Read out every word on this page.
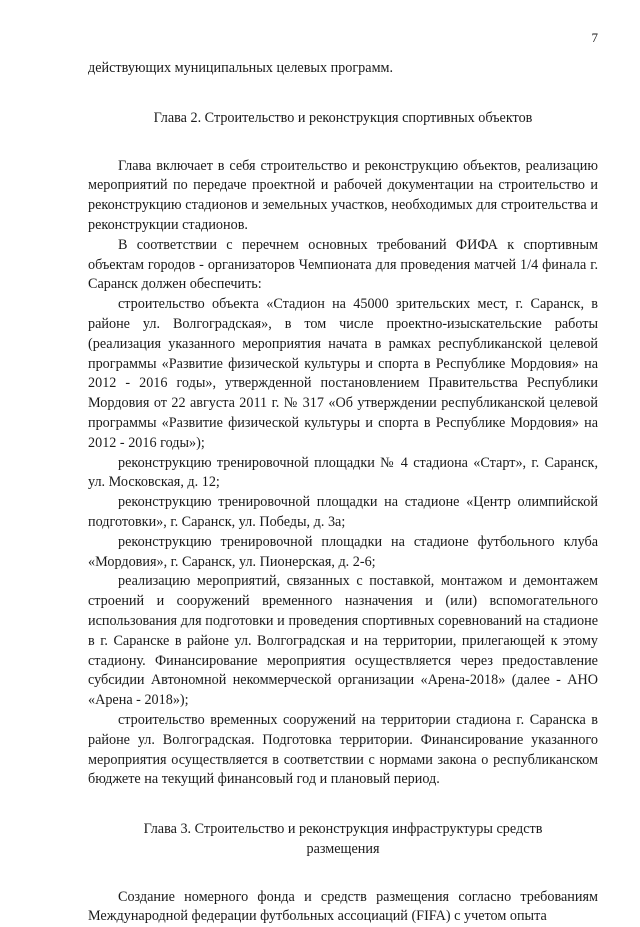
7

действующих муниципальных целевых программ.

Глава 2. Строительство и реконструкция спортивных объектов

Глава включает в себя строительство и реконструкцию объектов, реализацию мероприятий по передаче проектной и рабочей документации на строительство и реконструкцию стадионов и земельных участков, необходимых для строительства и реконструкции стадионов.

В соответствии с перечнем основных требований ФИФА к спортивным объектам городов - организаторов Чемпионата для проведения матчей 1/4 финала г. Саранск должен обеспечить:

строительство объекта «Стадион на 45000 зрительских мест, г. Саранск, в районе ул. Волгоградская», в том числе проектно-изыскательские работы (реализация указанного мероприятия начата в рамках республиканской целевой программы «Развитие физической культуры и спорта в Республике Мордовия» на 2012 - 2016 годы», утвержденной постановлением Правительства Республики Мордовия от 22 августа 2011 г. № 317 «Об утверждении республиканской целевой программы «Развитие физической культуры и спорта в Республике Мордовия» на 2012 - 2016 годы»);

реконструкцию тренировочной площадки № 4 стадиона «Старт», г. Саранск, ул. Московская, д. 12;

реконструкцию тренировочной площадки на стадионе «Центр олимпийской подготовки», г. Саранск, ул. Победы, д. 3а;

реконструкцию тренировочной площадки на стадионе футбольного клуба «Мордовия», г. Саранск, ул. Пионерская, д. 2-6;

реализацию мероприятий, связанных с поставкой, монтажом и демонтажем строений и сооружений временного назначения и (или) вспомогательного использования для подготовки и проведения спортивных соревнований на стадионе в г. Саранске в районе ул. Волгоградская и на территории, прилегающей к этому стадиону. Финансирование мероприятия осуществляется через предоставление субсидии Автономной некоммерческой организации «Арена-2018» (далее - АНО «Арена - 2018»);

строительство временных сооружений на территории стадиона г. Саранска в районе ул. Волгоградская. Подготовка территории. Финансирование указанного мероприятия осуществляется в соответствии с нормами закона о республиканском бюджете на текущий финансовый год и плановый период.

Глава 3. Строительство и реконструкция инфраструктуры средств
размещения

Создание номерного фонда и средств размещения согласно требованиям Международной федерации футбольных ассоциаций (FIFA) с учетом опыта
